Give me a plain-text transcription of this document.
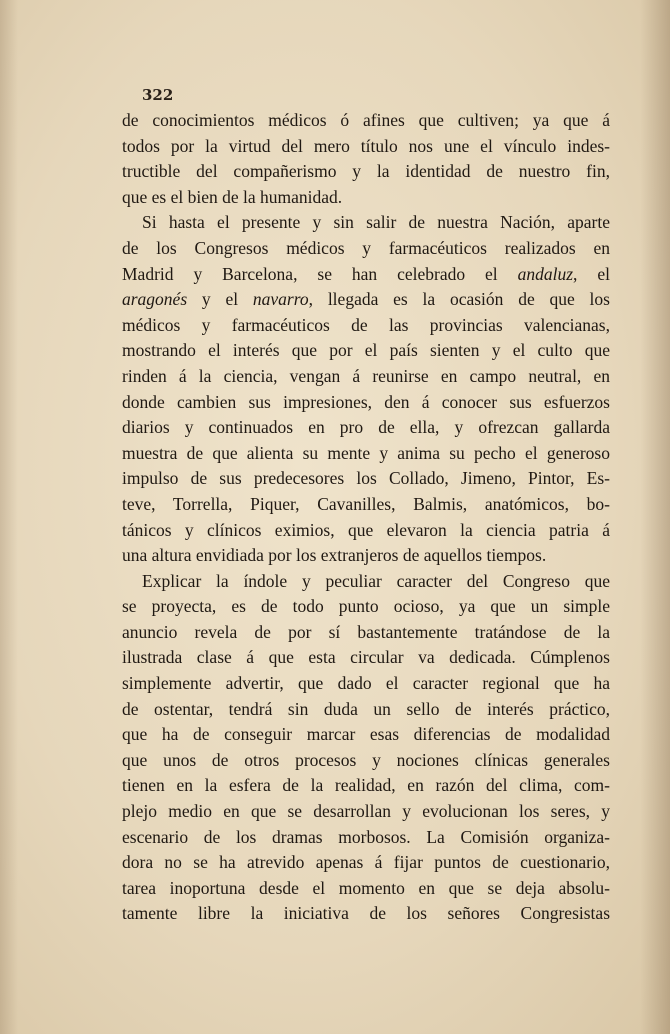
322
de conocimientos médicos ó afines que cultiven; ya que á
todos por la virtud del mero título nos une el vínculo indes-
tructible del compañerismo y la identidad de nuestro fin,
que es el bien de la humanidad.
Si hasta el presente y sin salir de nuestra Nación, aparte
de los Congresos médicos y farmacéuticos realizados en
Madrid y Barcelona, se han celebrado el andaluz, el
aragonés y el navarro, llegada es la ocasión de que los
médicos y farmacéuticos de las provincias valencianas,
mostrando el interés que por el país sienten y el culto que
rinden á la ciencia, vengan á reunirse en campo neutral, en
donde cambien sus impresiones, den á conocer sus esfuerzos
diarios y continuados en pro de ella, y ofrezcan gallarda
muestra de que alienta su mente y anima su pecho el generoso
impulso de sus predecesores los Collado, Jimeno, Pintor, Es-
teve, Torrella, Piquer, Cavanilles, Balmis, anatómicos, bo-
tánicos y clínicos eximios, que elevaron la ciencia patria á
una altura envidiada por los extranjeros de aquellos tiempos.
Explicar la índole y peculiar caracter del Congreso que
se proyecta, es de todo punto ocioso, ya que un simple
anuncio revela de por sí bastantemente tratándose de la
ilustrada clase á que esta circular va dedicada. Cúmplenos
simplemente advertir, que dado el caracter regional que ha
de ostentar, tendrá sin duda un sello de interés práctico,
que ha de conseguir marcar esas diferencias de modalidad
que unos de otros procesos y nociones clínicas generales
tienen en la esfera de la realidad, en razón del clima, com-
plejo medio en que se desarrollan y evolucionan los seres, y
escenario de los dramas morbosos. La Comisión organiza-
dora no se ha atrevido apenas á fijar puntos de cuestionario,
tarea inoportuna desde el momento en que se deja absolu-
tamente libre la iniciativa de los señores Congresistas
